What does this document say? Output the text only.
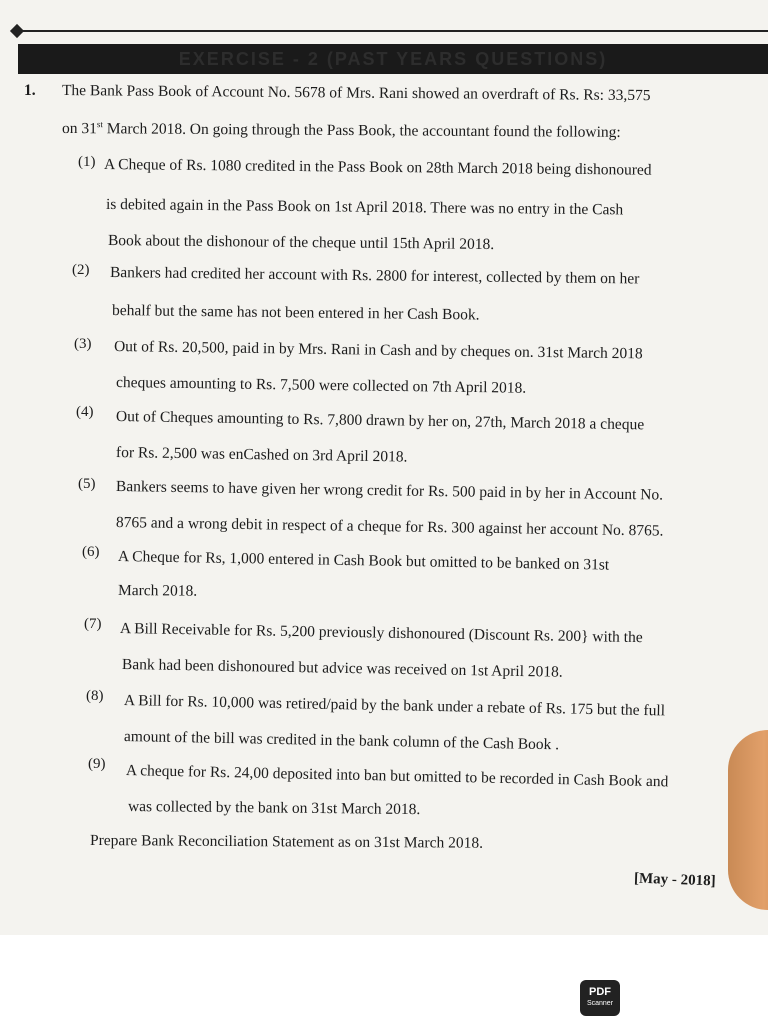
EXERCISE - 2 (PAST YEARS QUESTIONS)
1. The Bank Pass Book of Account No. 5678 of Mrs. Rani showed an overdraft of Rs. Rs: 33,575
on 31st March 2018. On going through the Pass Book, the accountant found the following:
(1) A Cheque of Rs. 1080 credited in the Pass Book on 28th March 2018 being dishonoured
is debited again in the Pass Book on 1st April 2018. There was no entry in the Cash
Book about the dishonour of the cheque until 15th April 2018.
(2) Bankers had credited her account with Rs. 2800 for interest, collected by them on her
behalf but the same has not been entered in her Cash Book.
(3) Out of Rs. 20,500, paid in by Mrs. Rani in Cash and by cheques on. 31st March 2018
cheques amounting to Rs. 7,500 were collected on 7th April 2018.
(4) Out of Cheques amounting to Rs. 7,800 drawn by her on, 27th, March 2018 a cheque
for Rs. 2,500 was enCashed on 3rd April 2018.
(5) Bankers seems to have given her wrong credit for Rs. 500 paid in by her in Account No.
8765 and a wrong debit in respect of a cheque for Rs. 300 against her account No. 8765.
(6) A Cheque for Rs, 1,000 entered in Cash Book but omitted to be banked on 31st
March 2018.
(7) A Bill Receivable for Rs. 5,200 previously dishonoured (Discount Rs. 200} with the
Bank had been dishonoured but advice was received on 1st April 2018.
(8) A Bill for Rs. 10,000 was retired/paid by the bank under a rebate of Rs. 175 but the full
amount of the bill was credited in the bank column of the Cash Book .
(9) A cheque for Rs. 24,00 deposited into ban but omitted to be recorded in Cash Book and
was collected by the bank on 31st March 2018.
Prepare Bank Reconciliation Statement as on 31st March 2018.
[May - 2018]
PDF
Scanner
